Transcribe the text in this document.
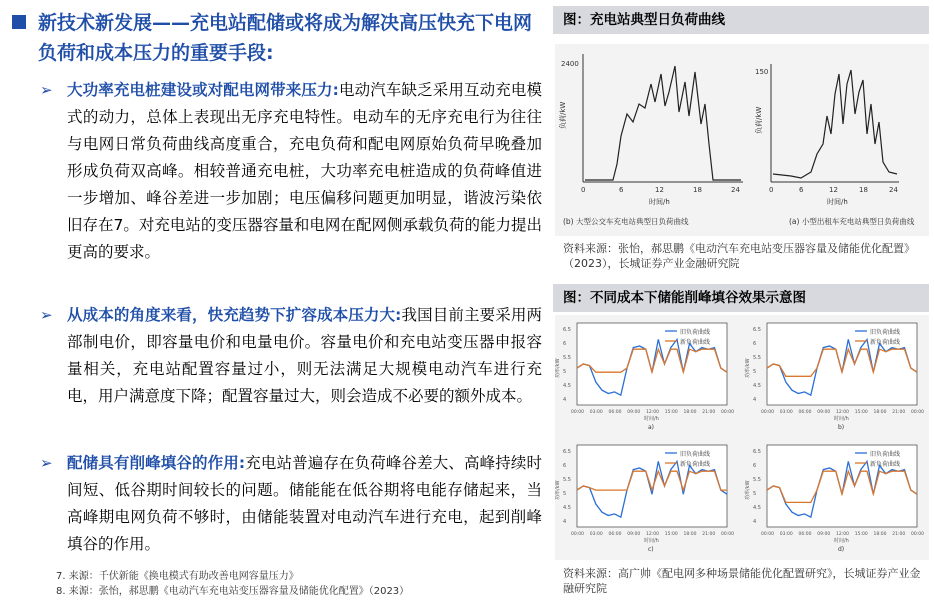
新技术新发展——充电站配储或将成为解决高压快充下电网负荷和成本压力的重要手段:
➢ 大功率充电桩建设或对配电网带来压力:电动汽车缺乏采用互动充电模式的动力，总体上表现出无序充电特性。电动车的无序充电行为往往与电网日常负荷曲线高度重合，充电负荷和配电网原始负荷早晚叠加形成负荷双高峰。相较普通充电桩，大功率充电桩造成的负荷峰值进一步增加、峰谷差进一步加剧；电压偏移问题更加明显，谐波污染依旧存在7。对充电站的变压器容量和电网在配网侧承载负荷的能力提出更高的要求。
➢ 从成本的角度来看，快充趋势下扩容成本压力大:我国目前主要采用两部制电价，即容量电价和电量电价。容量电价和充电站变压器申报容量相关，充电站配置容量过小，则无法满足大规模电动汽车进行充电，用户满意度下降；配置容量过大，则会造成不必要的额外成本。
➢ 配储具有削峰填谷的作用:充电站普遍存在负荷峰谷差大、高峰持续时间短、低谷期时间较长的问题。储能能在低谷期将电能存储起来，当高峰期电网负荷不够时，由储能装置对电动汽车进行充电，起到削峰填谷的作用。
7. 来源：千伏新能《换电模式有助改善电网容量压力》
8. 来源：张怡，郝思鹏《电动汽车充电站变压器容量及储能优化配置》（2023）
图：充电站典型日负荷曲线
2400
负荷/kW
0	6	12	18	24
时间/h
(b) 大型公交车充电站典型日负荷曲线
150
负荷/kW
0	6	12	18	24
时间/h
(a) 小型出租车充电站典型日负荷曲线
资料来源：张怡，郝思鹏《电动汽车充电站变压器容量及储能优化配置》（2023），长城证券产业金融研究院
图：不同成本下储能削峰填谷效果示意图
旧负荷曲线
新负荷曲线
6.5
6
5.5
5
4.5
4
功率/kW
00:00 03:00 06:00 09:00 12:00 15:00 18:00 21:00 00:00
时间/h
a)
旧负荷曲线
新负荷曲线
6.5
6
5.5
5
4.5
4
功率/kW
00:00 03:00 06:00 09:00 12:00 15:00 18:00 21:00 00:00
时间/h
b)
旧负荷曲线
新负荷曲线
6.5
6
5.5
5
4.5
4
功率/kW
00:00 03:00 06:00 09:00 12:00 15:00 18:00 21:00 00:00
时间/h
c)
旧负荷曲线
新负荷曲线
6.5
6
5.5
5
4.5
4
功率/kW
00:00 03:00 06:00 09:00 12:00 15:00 18:00 21:00 00:00
时间/h
d)
资料来源：高广帅《配电网多种场景储能优化配置研究》，长城证券产业金融研究院
